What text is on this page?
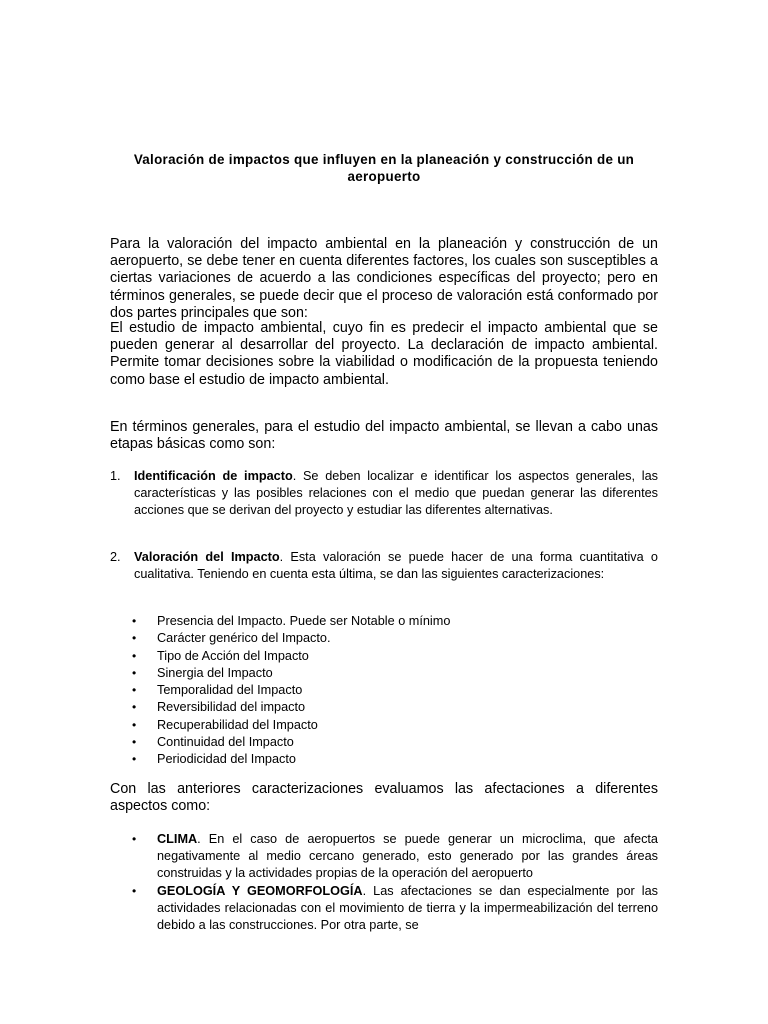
Valoración de impactos que influyen en la planeación y construcción de un aeropuerto

Para la valoración del impacto ambiental en la planeación y construcción de un aeropuerto, se debe tener en cuenta diferentes factores, los cuales son susceptibles a ciertas variaciones de acuerdo a las condiciones específicas del proyecto; pero en términos generales, se puede decir que el proceso de valoración está conformado por dos partes principales que son:

El estudio de impacto ambiental, cuyo fin es predecir el impacto ambiental que se pueden generar al desarrollar del proyecto. La declaración de impacto ambiental. Permite tomar decisiones sobre la viabilidad o modificación de la propuesta teniendo como base el estudio de impacto ambiental.

En términos generales, para el estudio del impacto ambiental, se llevan a cabo unas etapas básicas como son:

1. Identificación de impacto. Se deben localizar e identificar los aspectos generales, las características y las posibles relaciones con el medio que puedan generar las diferentes acciones que se derivan del proyecto y estudiar las diferentes alternativas.
2. Valoración del Impacto. Esta valoración se puede hacer de una forma cuantitativa o cualitativa. Teniendo en cuenta esta última, se dan las siguientes caracterizaciones:
• Presencia del Impacto. Puede ser Notable o mínimo
• Carácter genérico del Impacto.
• Tipo de Acción del Impacto
• Sinergia del Impacto
• Temporalidad del Impacto
• Reversibilidad del impacto
• Recuperabilidad del Impacto
• Continuidad del Impacto
• Periodicidad del Impacto

Con las anteriores caracterizaciones evaluamos las afectaciones a diferentes aspectos como:

• CLIMA. En el caso de aeropuertos se puede generar un microclima, que afecta negativamente al medio cercano generado, esto generado por las grandes áreas construidas y la actividades propias de la operación del aeropuerto
• GEOLOGÍA Y GEOMORFOLOGÍA. Las afectaciones se dan especialmente por las actividades relacionadas con el movimiento de tierra y la impermeabilización del terreno debido a las construcciones. Por otra parte, se
